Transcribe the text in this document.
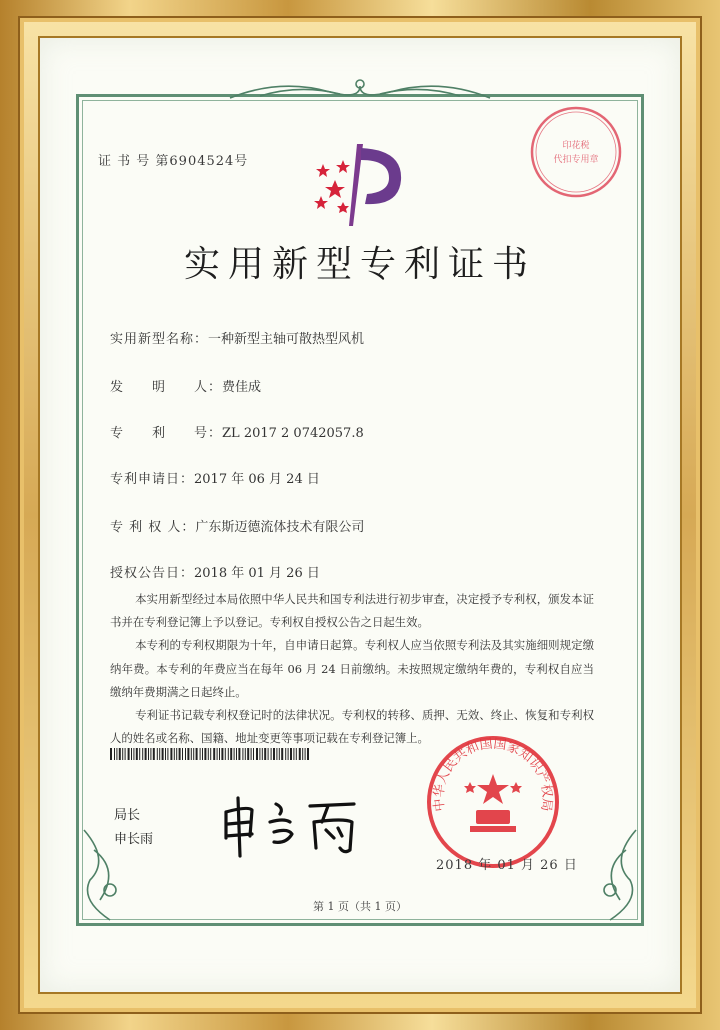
证 书 号 第6904524号
印花税
代扣专用章
实用新型专利证书
实用新型名称：一种新型主轴可散热型风机
发　　明　　人：费佳成
专　　利　　号：ZL 2017 2 0742057.8
专利申请日：2017 年 06 月 24 日
专 利 权 人：广东斯迈德流体技术有限公司
授权公告日：2018 年 01 月 26 日

本实用新型经过本局依照中华人民共和国专利法进行初步审查，决定授予专利权，颁发本证书并在专利登记簿上予以登记。专利权自授权公告之日起生效。

本专利的专利权期限为十年，自申请日起算。专利权人应当依照专利法及其实施细则规定缴纳年费。本专利的年费应当在每年 06 月 24 日前缴纳。未按照规定缴纳年费的，专利权自应当缴纳年费期满之日起终止。

专利证书记载专利权登记时的法律状况。专利权的转移、质押、无效、终止、恢复和专利权人的姓名或名称、国籍、地址变更等事项记载在专利登记簿上。

局长
申长雨
中华人民共和国国家知识产权局
2018 年 01 月 26 日
第 1 页（共 1 页）
